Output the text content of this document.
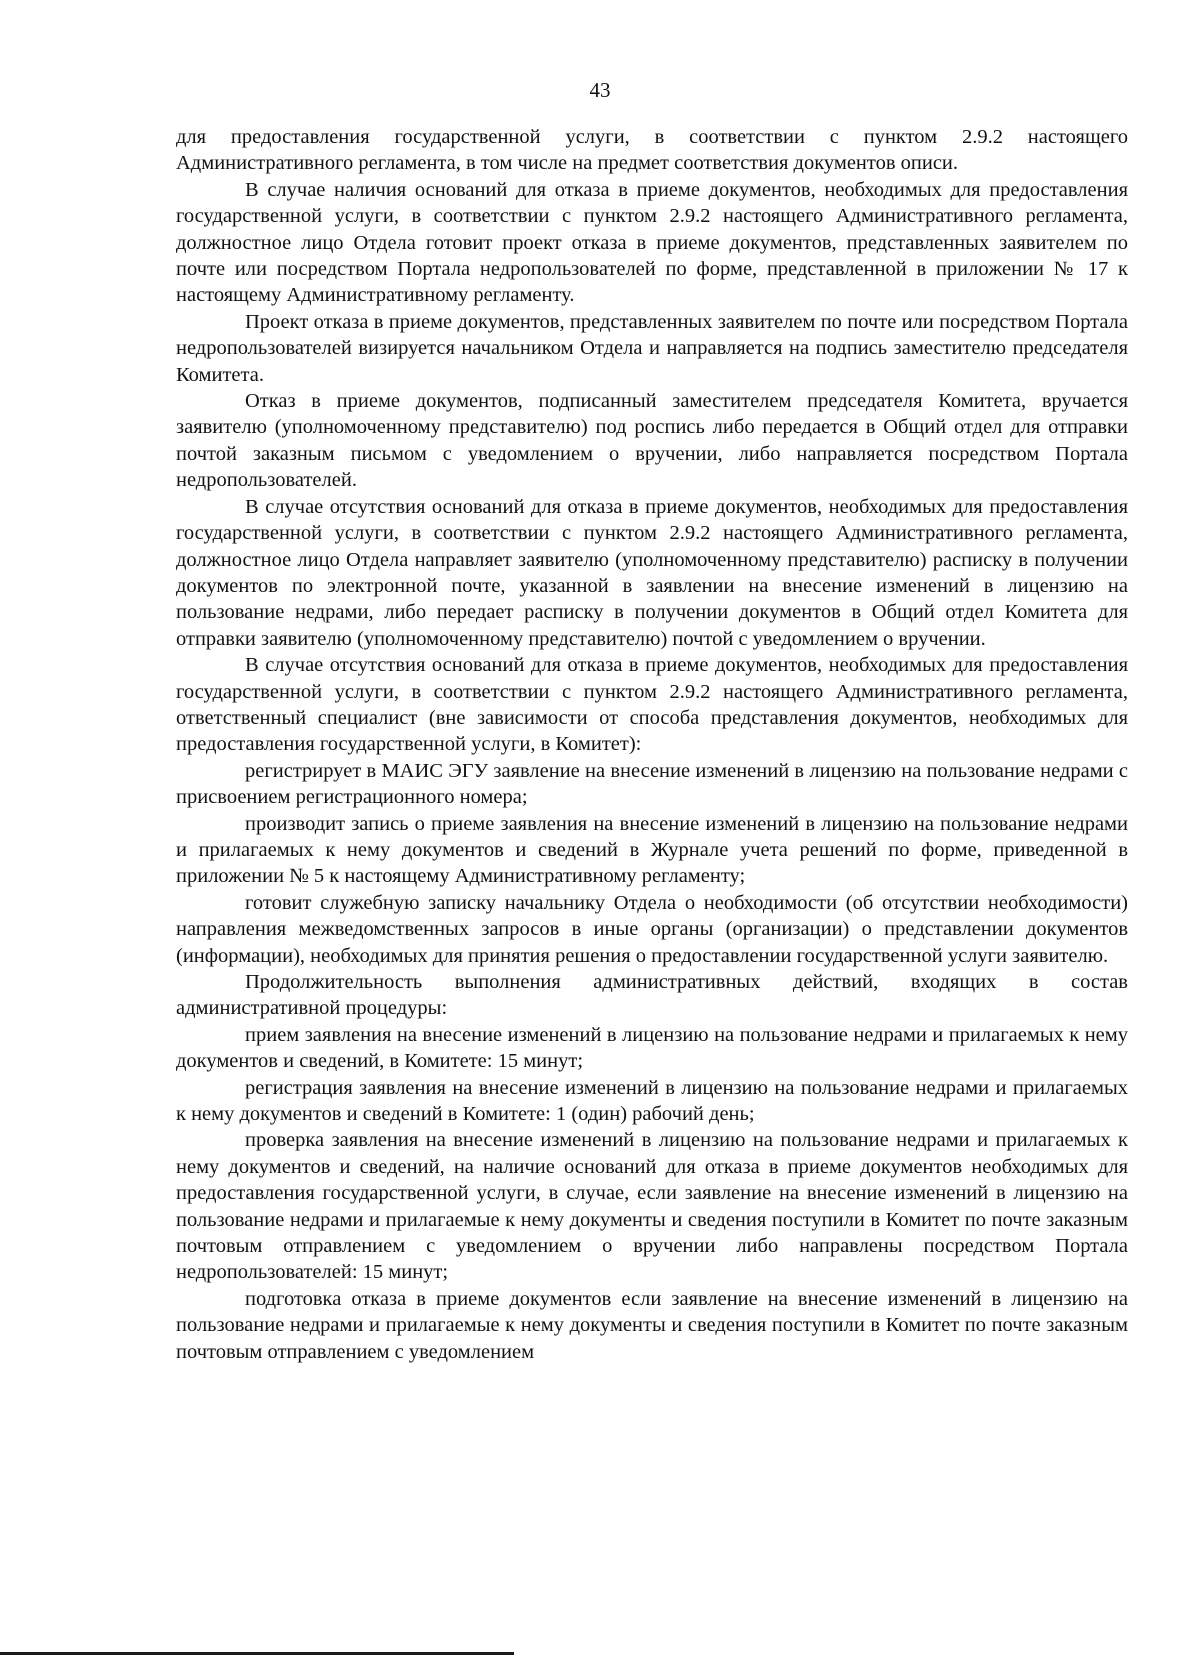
43

для предоставления государственной услуги, в соответствии с пунктом 2.9.2 настоящего Административного регламента, в том числе на предмет соответствия документов описи.

В случае наличия оснований для отказа в приеме документов, необходимых для предоставления государственной услуги, в соответствии с пунктом 2.9.2 настоящего Административного регламента, должностное лицо Отдела готовит проект отказа в приеме документов, представленных заявителем по почте или посредством Портала недропользователей по форме, представленной в приложении № 17 к настоящему Административному регламенту.

Проект отказа в приеме документов, представленных заявителем по почте или посредством Портала недропользователей визируется начальником Отдела и направляется на подпись заместителю председателя Комитета.

Отказ в приеме документов, подписанный заместителем председателя Комитета, вручается заявителю (уполномоченному представителю) под роспись либо передается в Общий отдел для отправки почтой заказным письмом с уведомлением о вручении, либо направляется посредством Портала недропользователей.

В случае отсутствия оснований для отказа в приеме документов, необходимых для предоставления государственной услуги, в соответствии с пунктом 2.9.2 настоящего Административного регламента, должностное лицо Отдела направляет заявителю (уполномоченному представителю) расписку в получении документов по электронной почте, указанной в заявлении на внесение изменений в лицензию на пользование недрами, либо передает расписку в получении документов в Общий отдел Комитета для отправки заявителю (уполномоченному представителю) почтой с уведомлением о вручении.

В случае отсутствия оснований для отказа в приеме документов, необходимых для предоставления государственной услуги, в соответствии с пунктом 2.9.2 настоящего Административного регламента, ответственный специалист (вне зависимости от способа представления документов, необходимых для предоставления государственной услуги, в Комитет):

регистрирует в МАИС ЭГУ заявление на внесение изменений в лицензию на пользование недрами с присвоением регистрационного номера;

производит запись о приеме заявления на внесение изменений в лицензию на пользование недрами и прилагаемых к нему документов и сведений в Журнале учета решений по форме, приведенной в приложении № 5 к настоящему Административному регламенту;

готовит служебную записку начальнику Отдела о необходимости (об отсутствии необходимости) направления межведомственных запросов в иные органы (организации) о представлении документов (информации), необходимых для принятия решения о предоставлении государственной услуги заявителю.

Продолжительность выполнения административных действий, входящих в состав административной процедуры:

прием заявления на внесение изменений в лицензию на пользование недрами и прилагаемых к нему документов и сведений, в Комитете: 15 минут;

регистрация заявления на внесение изменений в лицензию на пользование недрами и прилагаемых к нему документов и сведений в Комитете: 1 (один) рабочий день;

проверка заявления на внесение изменений в лицензию на пользование недрами и прилагаемых к нему документов и сведений, на наличие оснований для отказа в приеме документов необходимых для предоставления государственной услуги, в случае, если заявление на внесение изменений в лицензию на пользование недрами и прилагаемые к нему документы и сведения поступили в Комитет по почте заказным почтовым отправлением с уведомлением о вручении либо направлены посредством Портала недропользователей: 15 минут;

подготовка отказа в приеме документов если заявление на внесение изменений в лицензию на пользование недрами и прилагаемые к нему документы и сведения поступили в Комитет по почте заказным почтовым отправлением с уведомлением
